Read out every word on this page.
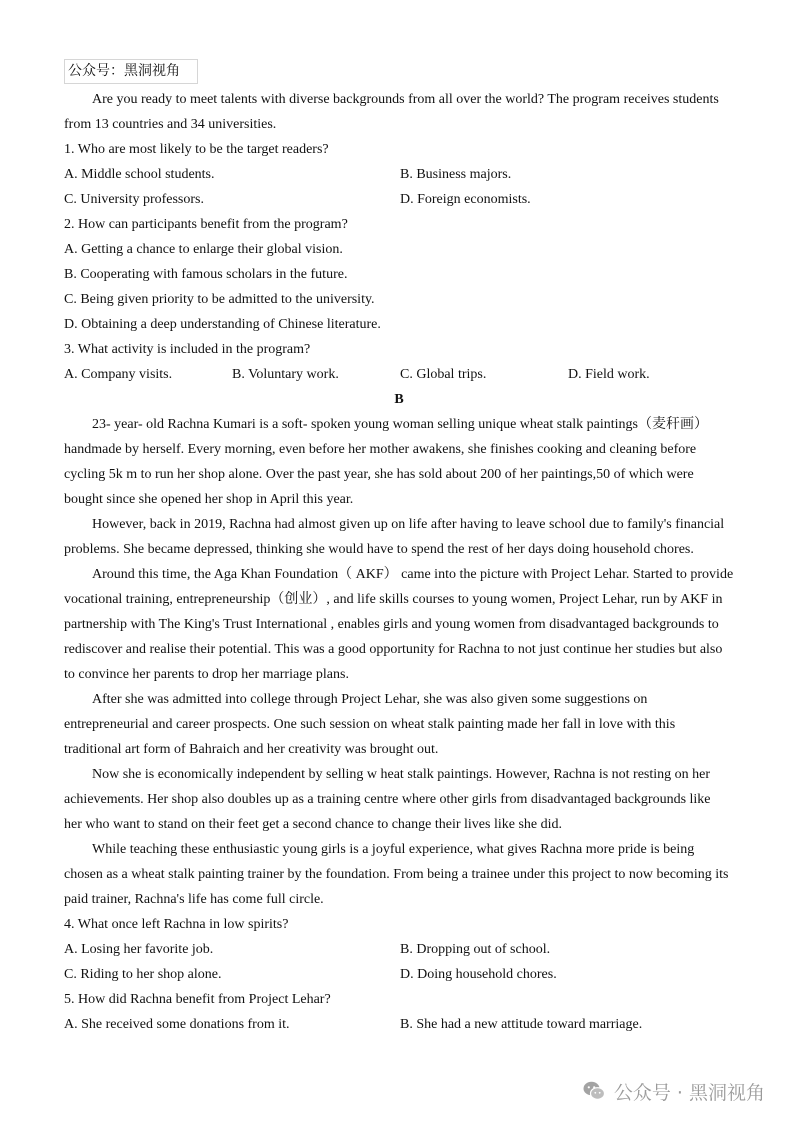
公众号：黑洞视角
Are you ready to meet talents with diverse backgrounds from all over the world? The program receives students
from 13 countries and 34 universities.
1. Who are most likely to be the target readers?
A. Middle school students.	B. Business majors.
C. University professors.	D. Foreign economists.
2. How can participants benefit from the program?
A. Getting a chance to enlarge their global vision.
B. Cooperating with famous scholars in the future.
C. Being given priority to be admitted to the university.
D. Obtaining a deep understanding of Chinese literature.
3. What activity is included in the program?
A. Company visits.	B. Voluntary work.	C. Global trips.	D. Field work.
B
23- year- old Rachna Kumari is a soft- spoken young woman selling unique wheat stalk paintings（麦秆画）
handmade by herself. Every morning, even before her mother awakens, she finishes cooking and cleaning before
cycling 5k m to run her shop alone. Over the past year, she has sold about 200 of her paintings,50 of which were
bought since she opened her shop in April this year.
However, back in 2019, Rachna had almost given up on life after having to leave school due to family's financial
problems. She became depressed, thinking she would have to spend the rest of her days doing household chores.
Around this time, the Aga Khan Foundation（ AKF） came into the picture with Project Lehar. Started to provide
vocational training, entrepreneurship（创业）, and life skills courses to young women, Project Lehar, run by AKF in
partnership with The King's Trust International , enables girls and young women from disadvantaged backgrounds to
rediscover and realise their potential. This was a good opportunity for Rachna to not just continue her studies but also
to convince her parents to drop her marriage plans.
After she was admitted into college through Project Lehar, she was also given some suggestions on
entrepreneurial and career prospects. One such session on wheat stalk painting made her fall in love with this
traditional art form of Bahraich and her creativity was brought out.
Now she is economically independent by selling w heat stalk paintings. However, Rachna is not resting on her
achievements. Her shop also doubles up as a training centre where other girls from disadvantaged backgrounds like
her who want to stand on their feet get a second chance to change their lives like she did.
While teaching these enthusiastic young girls is a joyful experience, what gives Rachna more pride is being
chosen as a wheat stalk painting trainer by the foundation. From being a trainee under this project to now becoming its
paid trainer, Rachna's life has come full circle.
4. What once left Rachna in low spirits?
A. Losing her favorite job.	B. Dropping out of school.
C. Riding to her shop alone.	D. Doing household chores.
5. How did Rachna benefit from Project Lehar?
A. She received some donations from it.	B. She had a new attitude toward marriage.
公众号 · 黑洞视角
